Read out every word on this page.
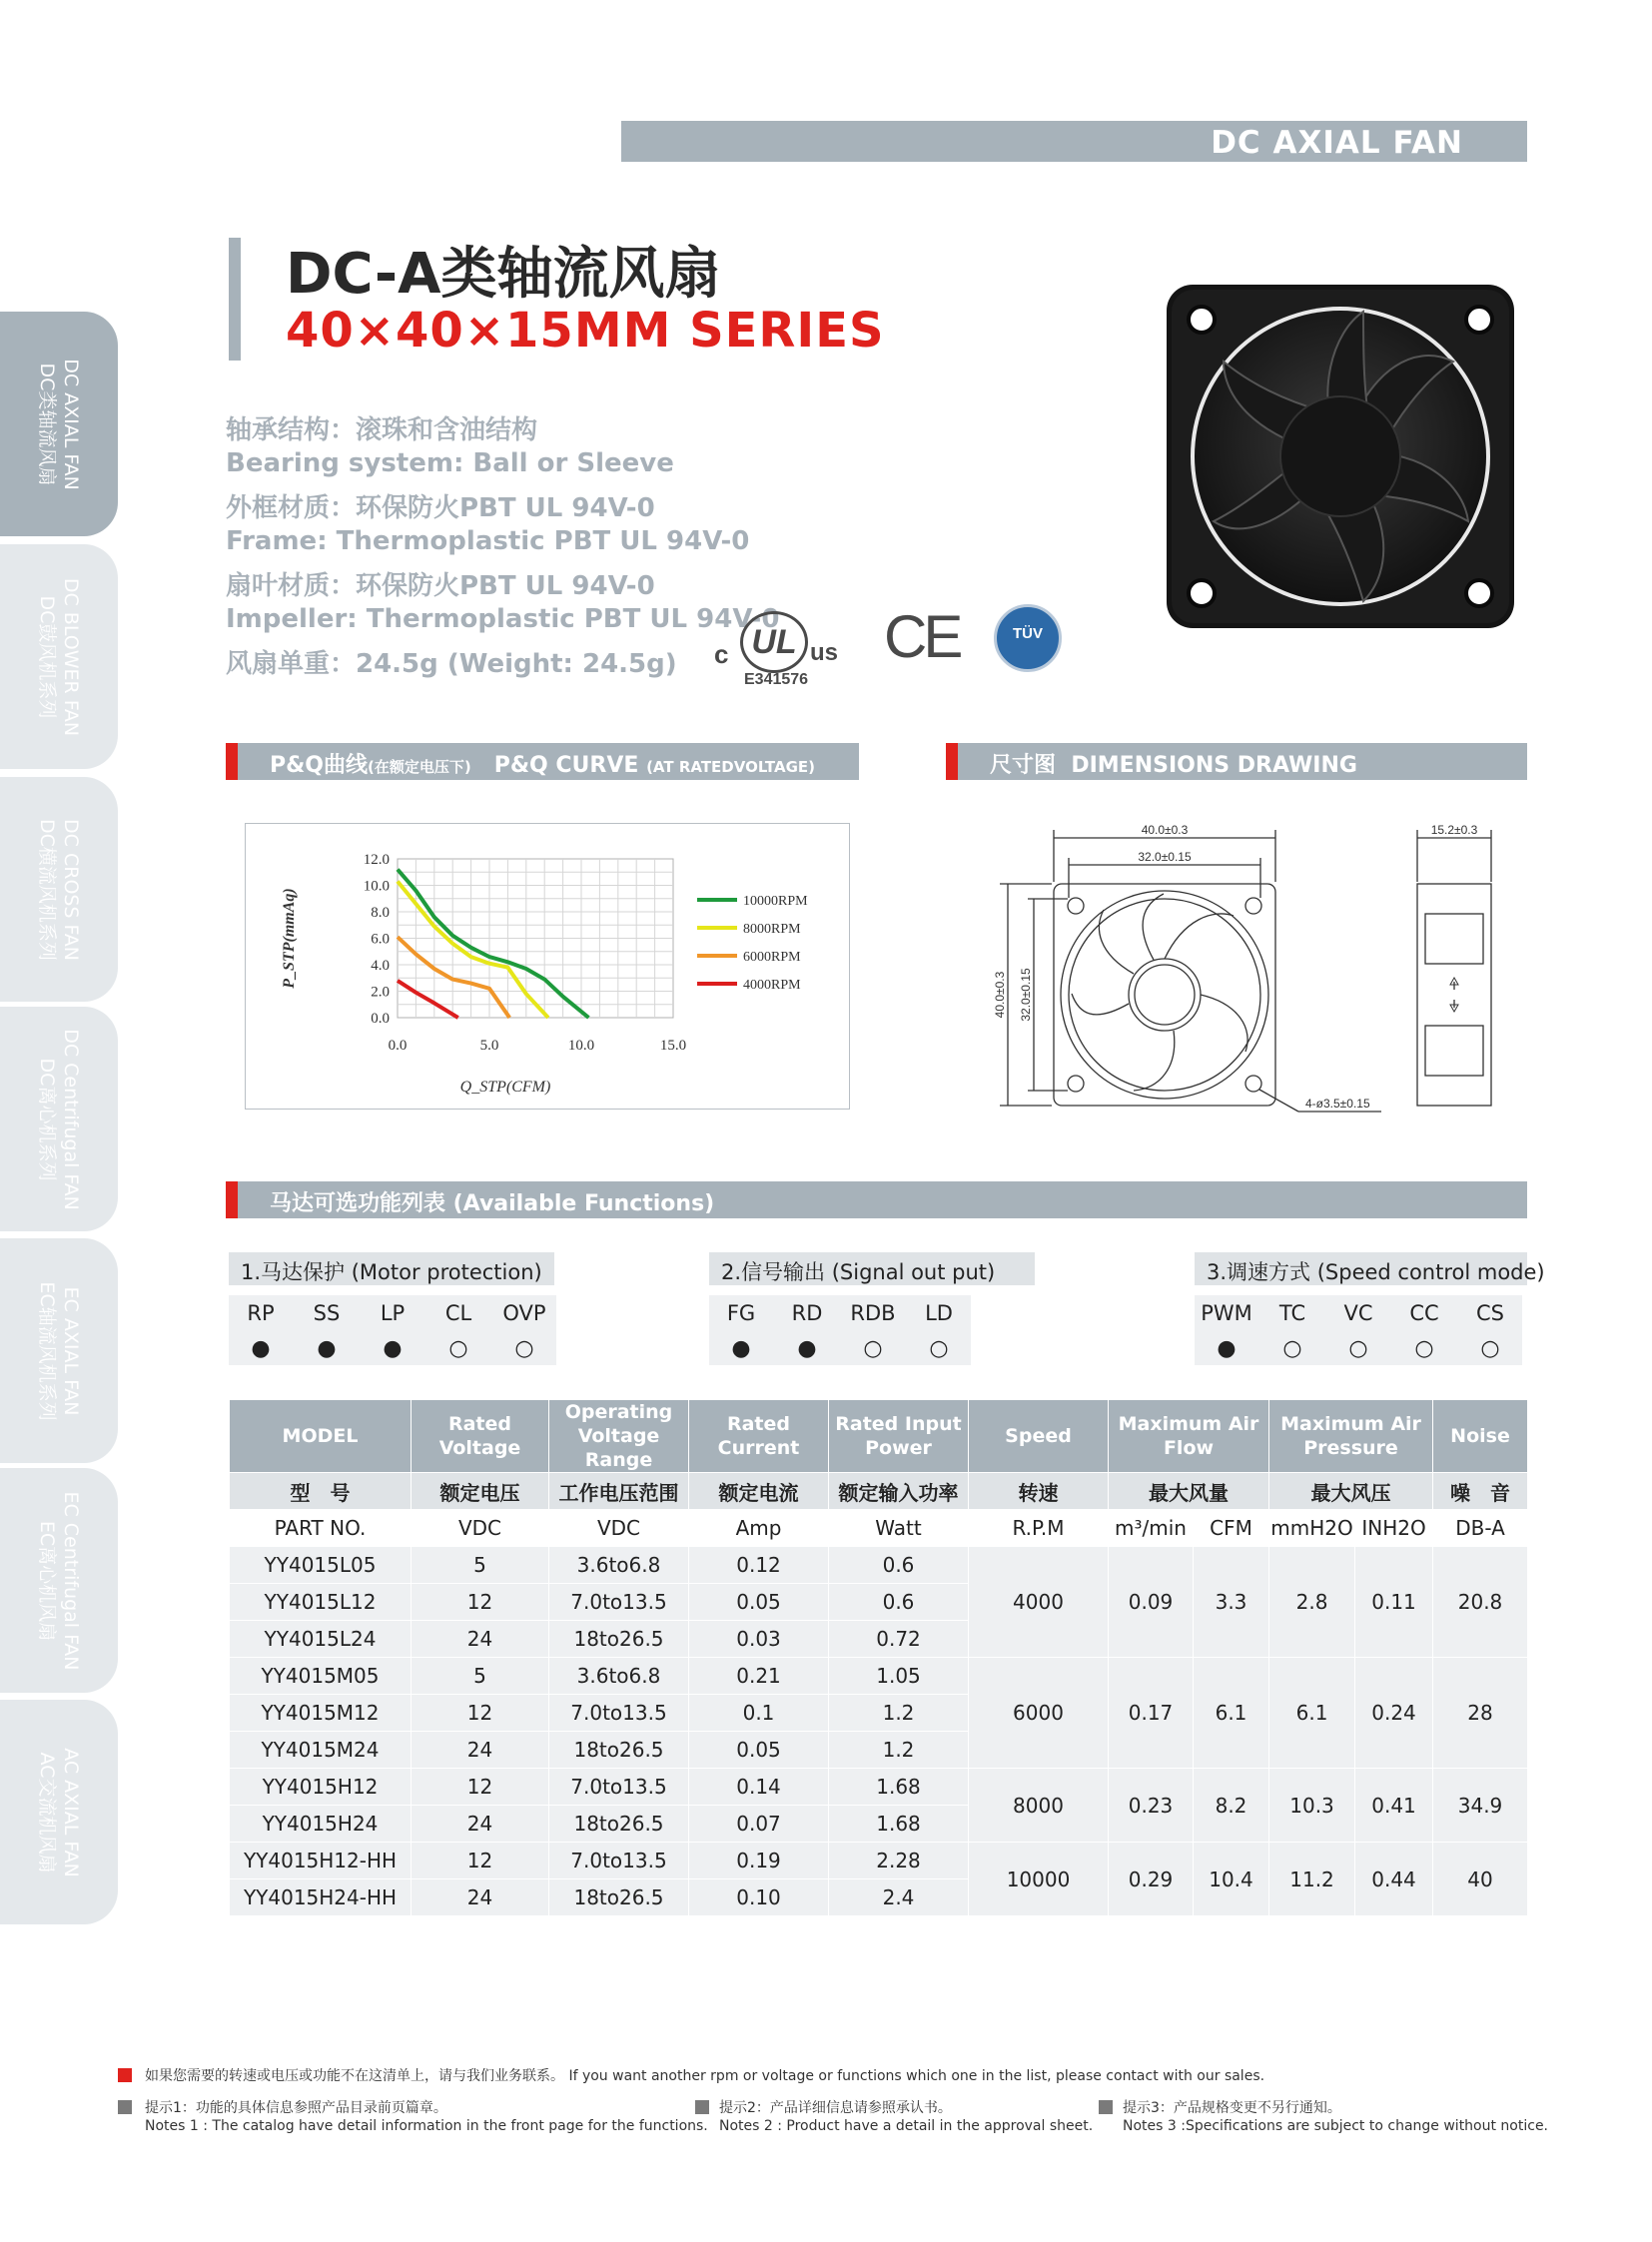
DC AXIAL FAN
DC AXIAL FAN
DC类轴流风扇
DC BLOWER FAN
DC鼓风机系列
DC CROSS FAN
DC横流风机系列
DC Centrifugal FAN
DC离心机系列
EC AXIAL FAN
EC轴流风机系列
EC Centrifugal FAN
EC离心机风扇
AC AXIAL FAN
AC交流机风扇
DC-A类轴流风扇
40×40×15MM SERIES
轴承结构：滚珠和含油结构
Bearing system: Ball or Sleeve
外框材质：环保防火PBT UL 94V-0
Frame: Thermoplastic PBT UL 94V-0
扇叶材质：环保防火PBT UL 94V-0
Impeller: Thermoplastic PBT UL 94V-0
风扇单重：24.5g (Weight: 24.5g) c UL us
E341576
CE	TÜV
P&Q曲线(在额定电压下) P&Q CURVE (AT RATEDVOLTAGE)	尺寸图 DIMENSIONS DRAWING
0.0
2.0
4.0
6.0
8.0
10.0
12.0
0.0	5.0	10.0	15.0
Q_STP(CFM)
P_STP(mmAq)	10000RPM
8000RPM
6000RPM
4000RPM
40.0±0.3
32.0±0.15
40.0±0.3 32.0±0.15
4-ø3.5±0.15
15.2±0.3
马达可选功能列表 (Available Functions)
1.马达保护 (Motor protection)
RP
●
SS
●
LP
●
CL
○
OVP
○
2.信号输出 (Signal out put)
FG
●
RD
●
RDB
○
LD
○
3.调速方式 (Speed control mode)
PWM
●
TC
○
VC
○
CC
○
CS
○
MODEL	Rated Voltage	Operating Voltage Range	Rated Current	Rated Input Power	Speed	Maximum Air Flow		Maximum Air Pressure		Noise
型　号	额定电压	工作电压范围	额定电流	额定输入功率	转速	最大风量		最大风压		噪　音
PART NO.	VDC	VDC	Amp	Watt	R.P.M	m³/min	CFM	mmH2O	INH2O	DB-A
YY4015L05	5	3.6to6.8	0.12	0.6	4000	0.09	3.3	2.8	0.11	20.8
YY4015L12	12	7.0to13.5	0.05	0.6						
YY4015L24	24	18to26.5	0.03	0.72						
YY4015M05	5	3.6to6.8	0.21	1.05	6000	0.17	6.1	6.1	0.24	28
YY4015M12	12	7.0to13.5	0.1	1.2						
YY4015M24	24	18to26.5	0.05	1.2						
YY4015H12	12	7.0to13.5	0.14	1.68	8000	0.23	8.2	10.3	0.41	34.9
YY4015H24	24	18to26.5	0.07	1.68						
YY4015H12-HH	12	7.0to13.5	0.19	2.28	10000	0.29	10.4	11.2	0.44	40
YY4015H24-HH	24	18to26.5	0.10	2.4						
如果您需要的转速或电压或功能不在这清单上，请与我们业务联系。 If you want another rpm or voltage or functions which one in the list, please contact with our sales.
提示1：功能的具体信息参照产品目录前页篇章。
Notes 1 : The catalog have detail information in the front page for the functions.
提示2：产品详细信息请参照承认书。
Notes 2 : Product have a detail in the approval sheet.
提示3：产品规格变更不另行通知。
Notes 3 :Specifications are subject to change without notice.
